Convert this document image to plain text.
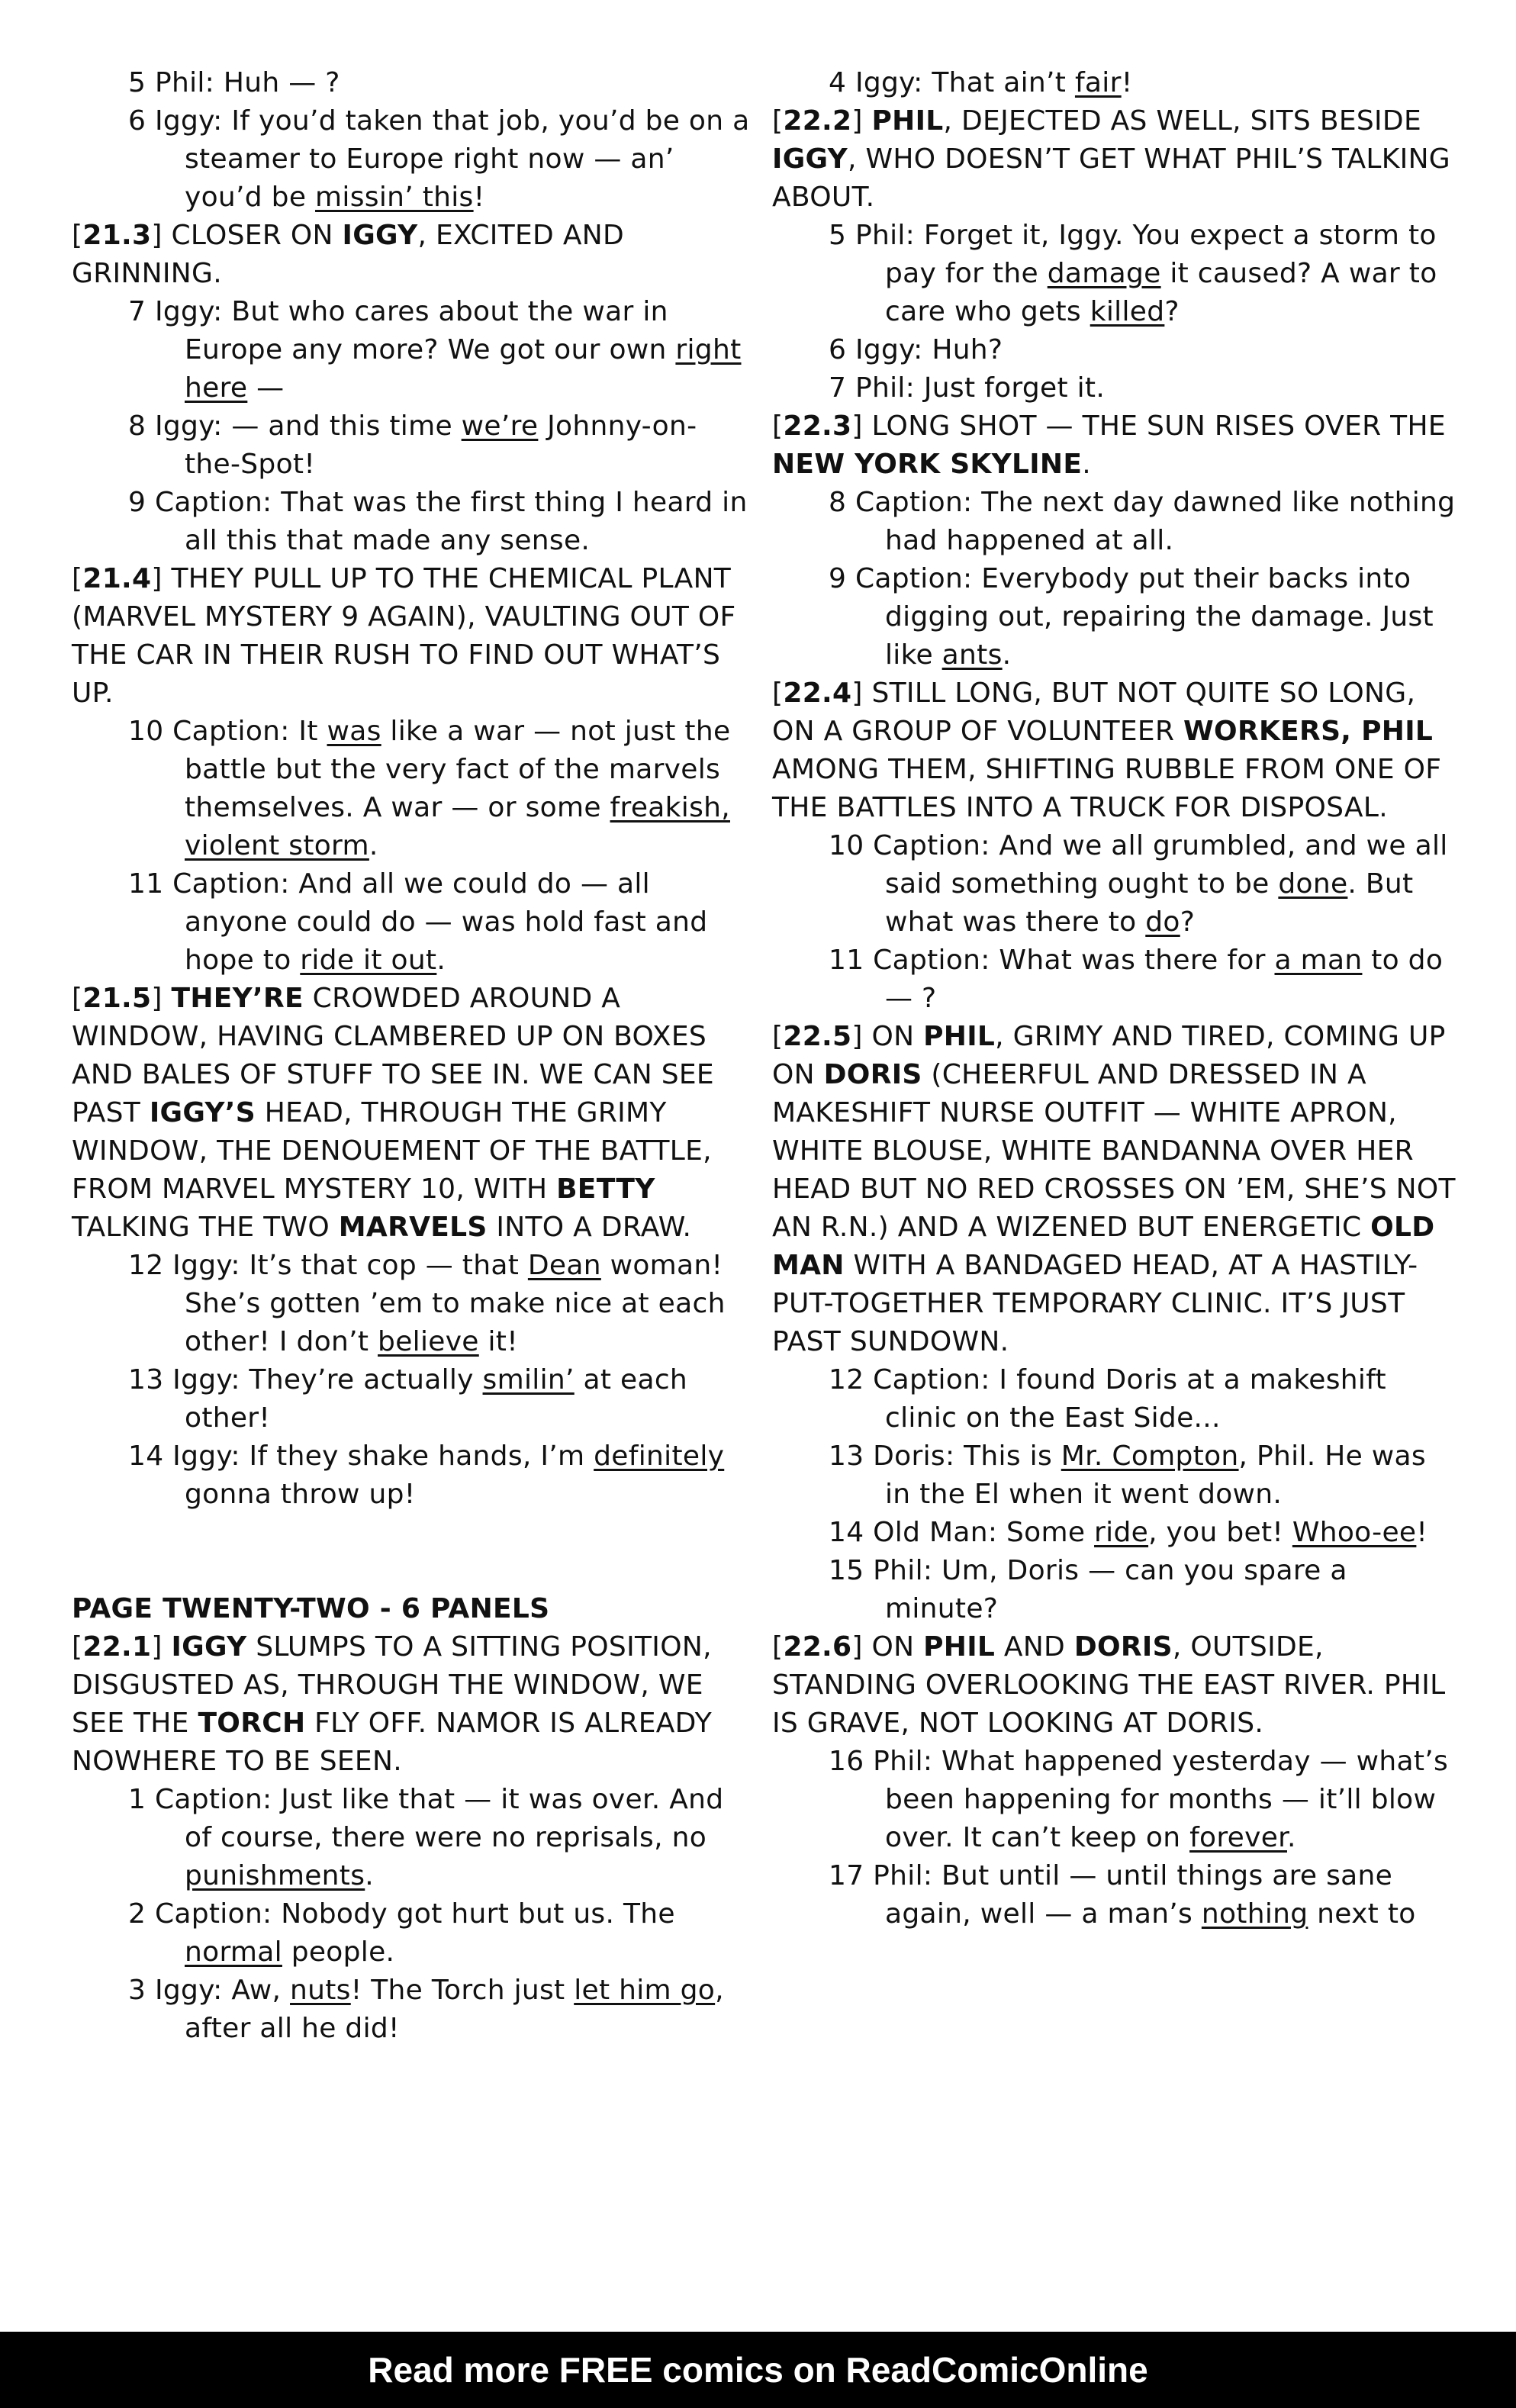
5 Phil: Huh — ?

6 Iggy: If you’d taken that job, you’d be on a steamer to Europe right now — an’ you’d be missin’ this!

[21.3] CLOSER ON IGGY, EXCITED AND GRINNING.

7 Iggy: But who cares about the war in Europe any more? We got our own right here —

8 Iggy: — and this time we’re Johnny-on-the-Spot!

9 Caption: That was the first thing I heard in all this that made any sense.

[21.4] THEY PULL UP TO THE CHEMICAL PLANT (MARVEL MYSTERY 9 AGAIN), VAULTING OUT OF THE CAR IN THEIR RUSH TO FIND OUT WHAT’S UP.

10 Caption: It was like a war — not just the battle but the very fact of the marvels themselves. A war — or some freakish, violent storm.

11 Caption: And all we could do — all anyone could do — was hold fast and hope to ride it out.

[21.5] THEY’RE CROWDED AROUND A WINDOW, HAVING CLAMBERED UP ON BOXES AND BALES OF STUFF TO SEE IN. WE CAN SEE PAST IGGY’S HEAD, THROUGH THE GRIMY WINDOW, THE DENOUEMENT OF THE BATTLE, FROM MARVEL MYSTERY 10, WITH BETTY TALKING THE TWO MARVELS INTO A DRAW.

12 Iggy: It’s that cop — that Dean woman! She’s gotten ’em to make nice at each other! I don’t believe it!

13 Iggy: They’re actually smilin’ at each other!

14 Iggy: If they shake hands, I’m definitely gonna throw up!

PAGE TWENTY-TWO - 6 PANELS

[22.1] IGGY SLUMPS TO A SITTING POSITION, DISGUSTED AS, THROUGH THE WINDOW, WE SEE THE TORCH FLY OFF. NAMOR IS ALREADY NOWHERE TO BE SEEN.

1 Caption: Just like that — it was over. And of course, there were no reprisals, no punishments.

2 Caption: Nobody got hurt but us. The normal people.

3 Iggy: Aw, nuts! The Torch just let him go, after all he did!

4 Iggy: That ain’t fair!

[22.2] PHIL, DEJECTED AS WELL, SITS BESIDE IGGY, WHO DOESN’T GET WHAT PHIL’S TALKING ABOUT.

5 Phil: Forget it, Iggy. You expect a storm to pay for the damage it caused? A war to care who gets killed?

6 Iggy: Huh?

7 Phil: Just forget it.

[22.3] LONG SHOT — THE SUN RISES OVER THE NEW YORK SKYLINE.

8 Caption: The next day dawned like nothing had happened at all.

9 Caption: Everybody put their backs into digging out, repairing the damage. Just like ants.

[22.4] STILL LONG, BUT NOT QUITE SO LONG, ON A GROUP OF VOLUNTEER WORKERS, PHIL AMONG THEM, SHIFTING RUBBLE FROM ONE OF THE BATTLES INTO A TRUCK FOR DISPOSAL.

10 Caption: And we all grumbled, and we all said something ought to be done. But what was there to do?

11 Caption: What was there for a man to do — ?

[22.5] ON PHIL, GRIMY AND TIRED, COMING UP ON DORIS (CHEERFUL AND DRESSED IN A MAKESHIFT NURSE OUTFIT — WHITE APRON, WHITE BLOUSE, WHITE BANDANNA OVER HER HEAD BUT NO RED CROSSES ON ’EM, SHE’S NOT AN R.N.) AND A WIZENED BUT ENERGETIC OLD MAN WITH A BANDAGED HEAD, AT A HASTILY-PUT-TOGETHER TEMPORARY CLINIC. IT’S JUST PAST SUNDOWN.

12 Caption: I found Doris at a makeshift clinic on the East Side...

13 Doris: This is Mr. Compton, Phil. He was in the El when it went down.

14 Old Man: Some ride, you bet! Whoo-ee!

15 Phil: Um, Doris — can you spare a minute?

[22.6] ON PHIL AND DORIS, OUTSIDE, STANDING OVERLOOKING THE EAST RIVER. PHIL IS GRAVE, NOT LOOKING AT DORIS.

16 Phil: What happened yesterday — what’s been happening for months — it’ll blow over. It can’t keep on forever.

17 Phil: But until — until things are sane again, well — a man’s nothing next to

Read more FREE comics on ReadComicOnline
